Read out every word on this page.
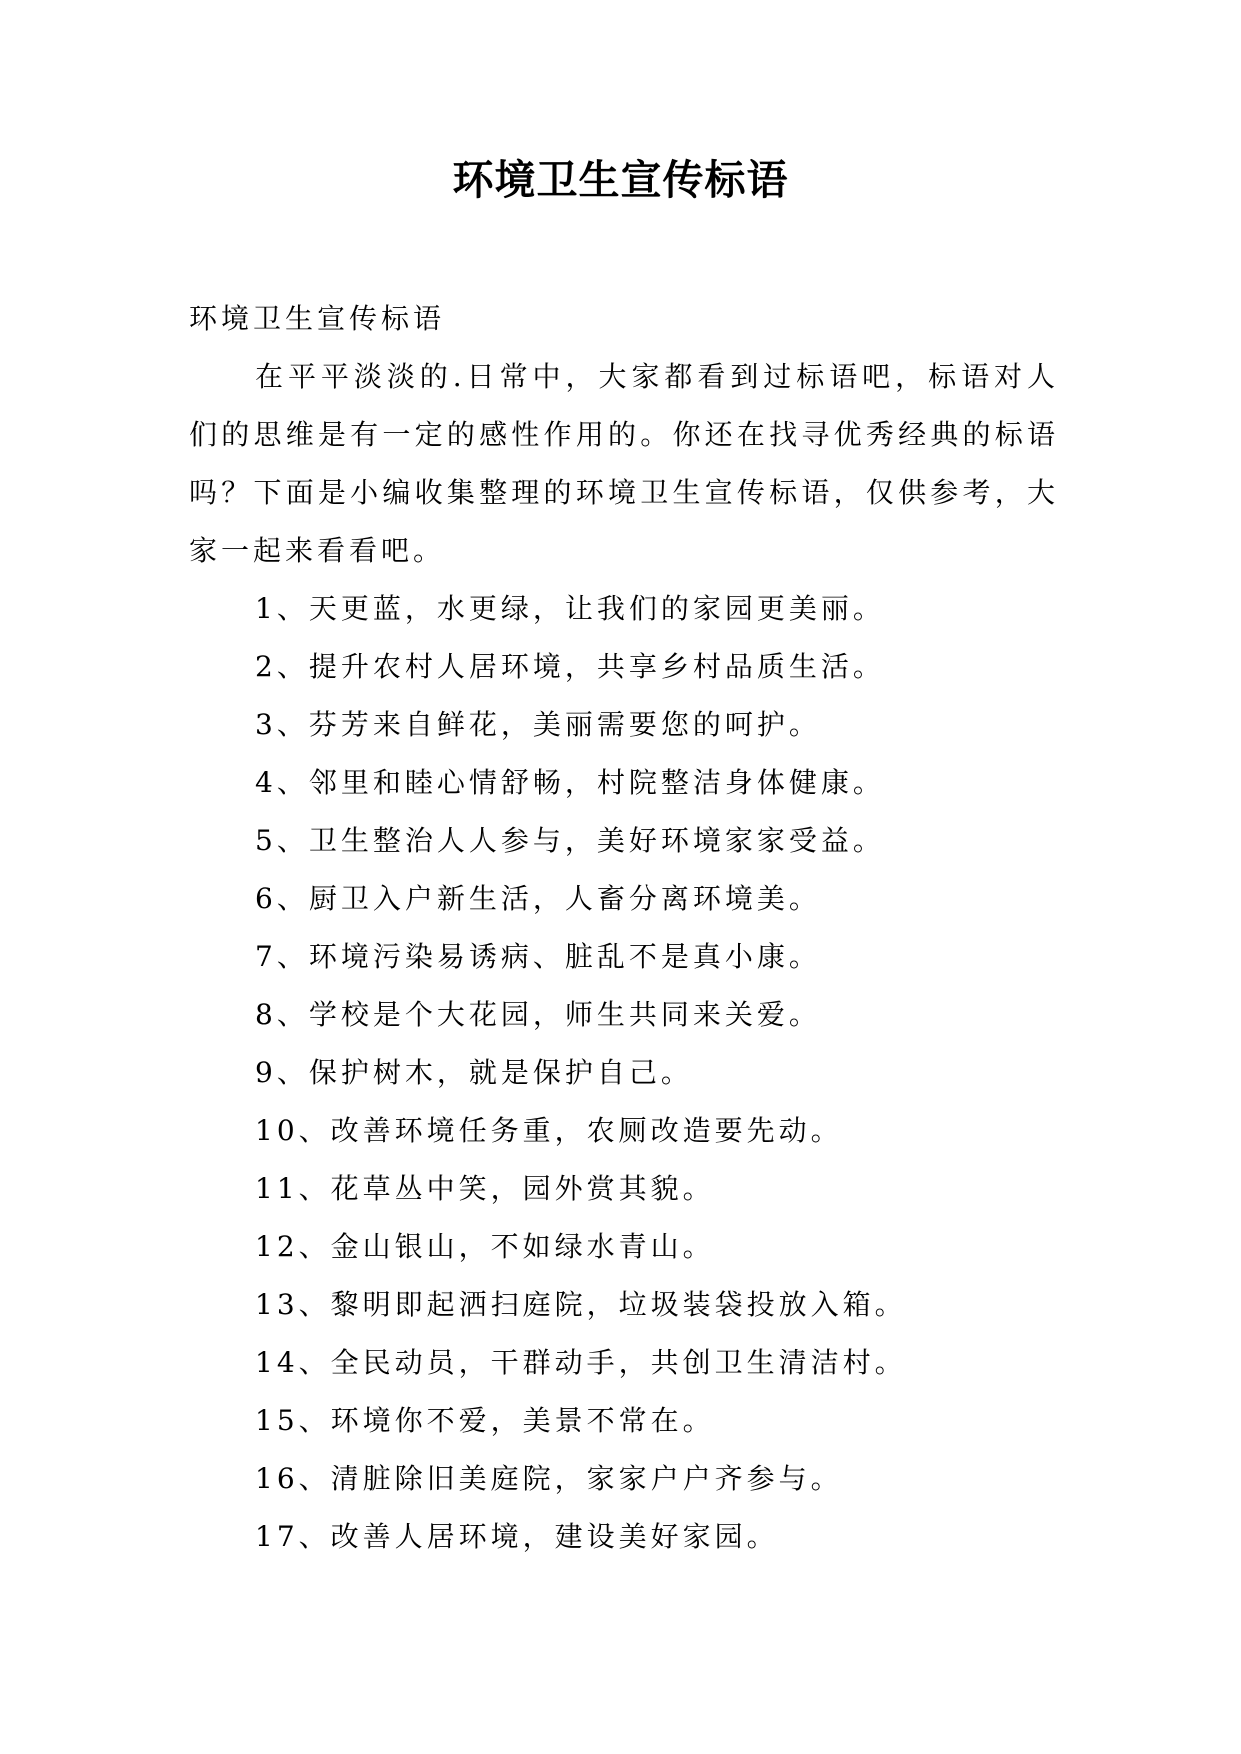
环境卫生宣传标语

环境卫生宣传标语

在平平淡淡的.日常中，大家都看到过标语吧，标语对人们的思维是有一定的感性作用的。你还在找寻优秀经典的标语吗？下面是小编收集整理的环境卫生宣传标语，仅供参考，大家一起来看看吧。

1、天更蓝，水更绿，让我们的家园更美丽。
2、提升农村人居环境，共享乡村品质生活。
3、芬芳来自鲜花，美丽需要您的呵护。
4、邻里和睦心情舒畅，村院整洁身体健康。
5、卫生整治人人参与，美好环境家家受益。
6、厨卫入户新生活，人畜分离环境美。
7、环境污染易诱病、脏乱不是真小康。
8、学校是个大花园，师生共同来关爱。
9、保护树木，就是保护自己。
10、改善环境任务重，农厕改造要先动。
11、花草丛中笑，园外赏其貌。
12、金山银山，不如绿水青山。
13、黎明即起洒扫庭院，垃圾装袋投放入箱。
14、全民动员，干群动手，共创卫生清洁村。
15、环境你不爱，美景不常在。
16、清脏除旧美庭院，家家户户齐参与。
17、改善人居环境，建设美好家园。
